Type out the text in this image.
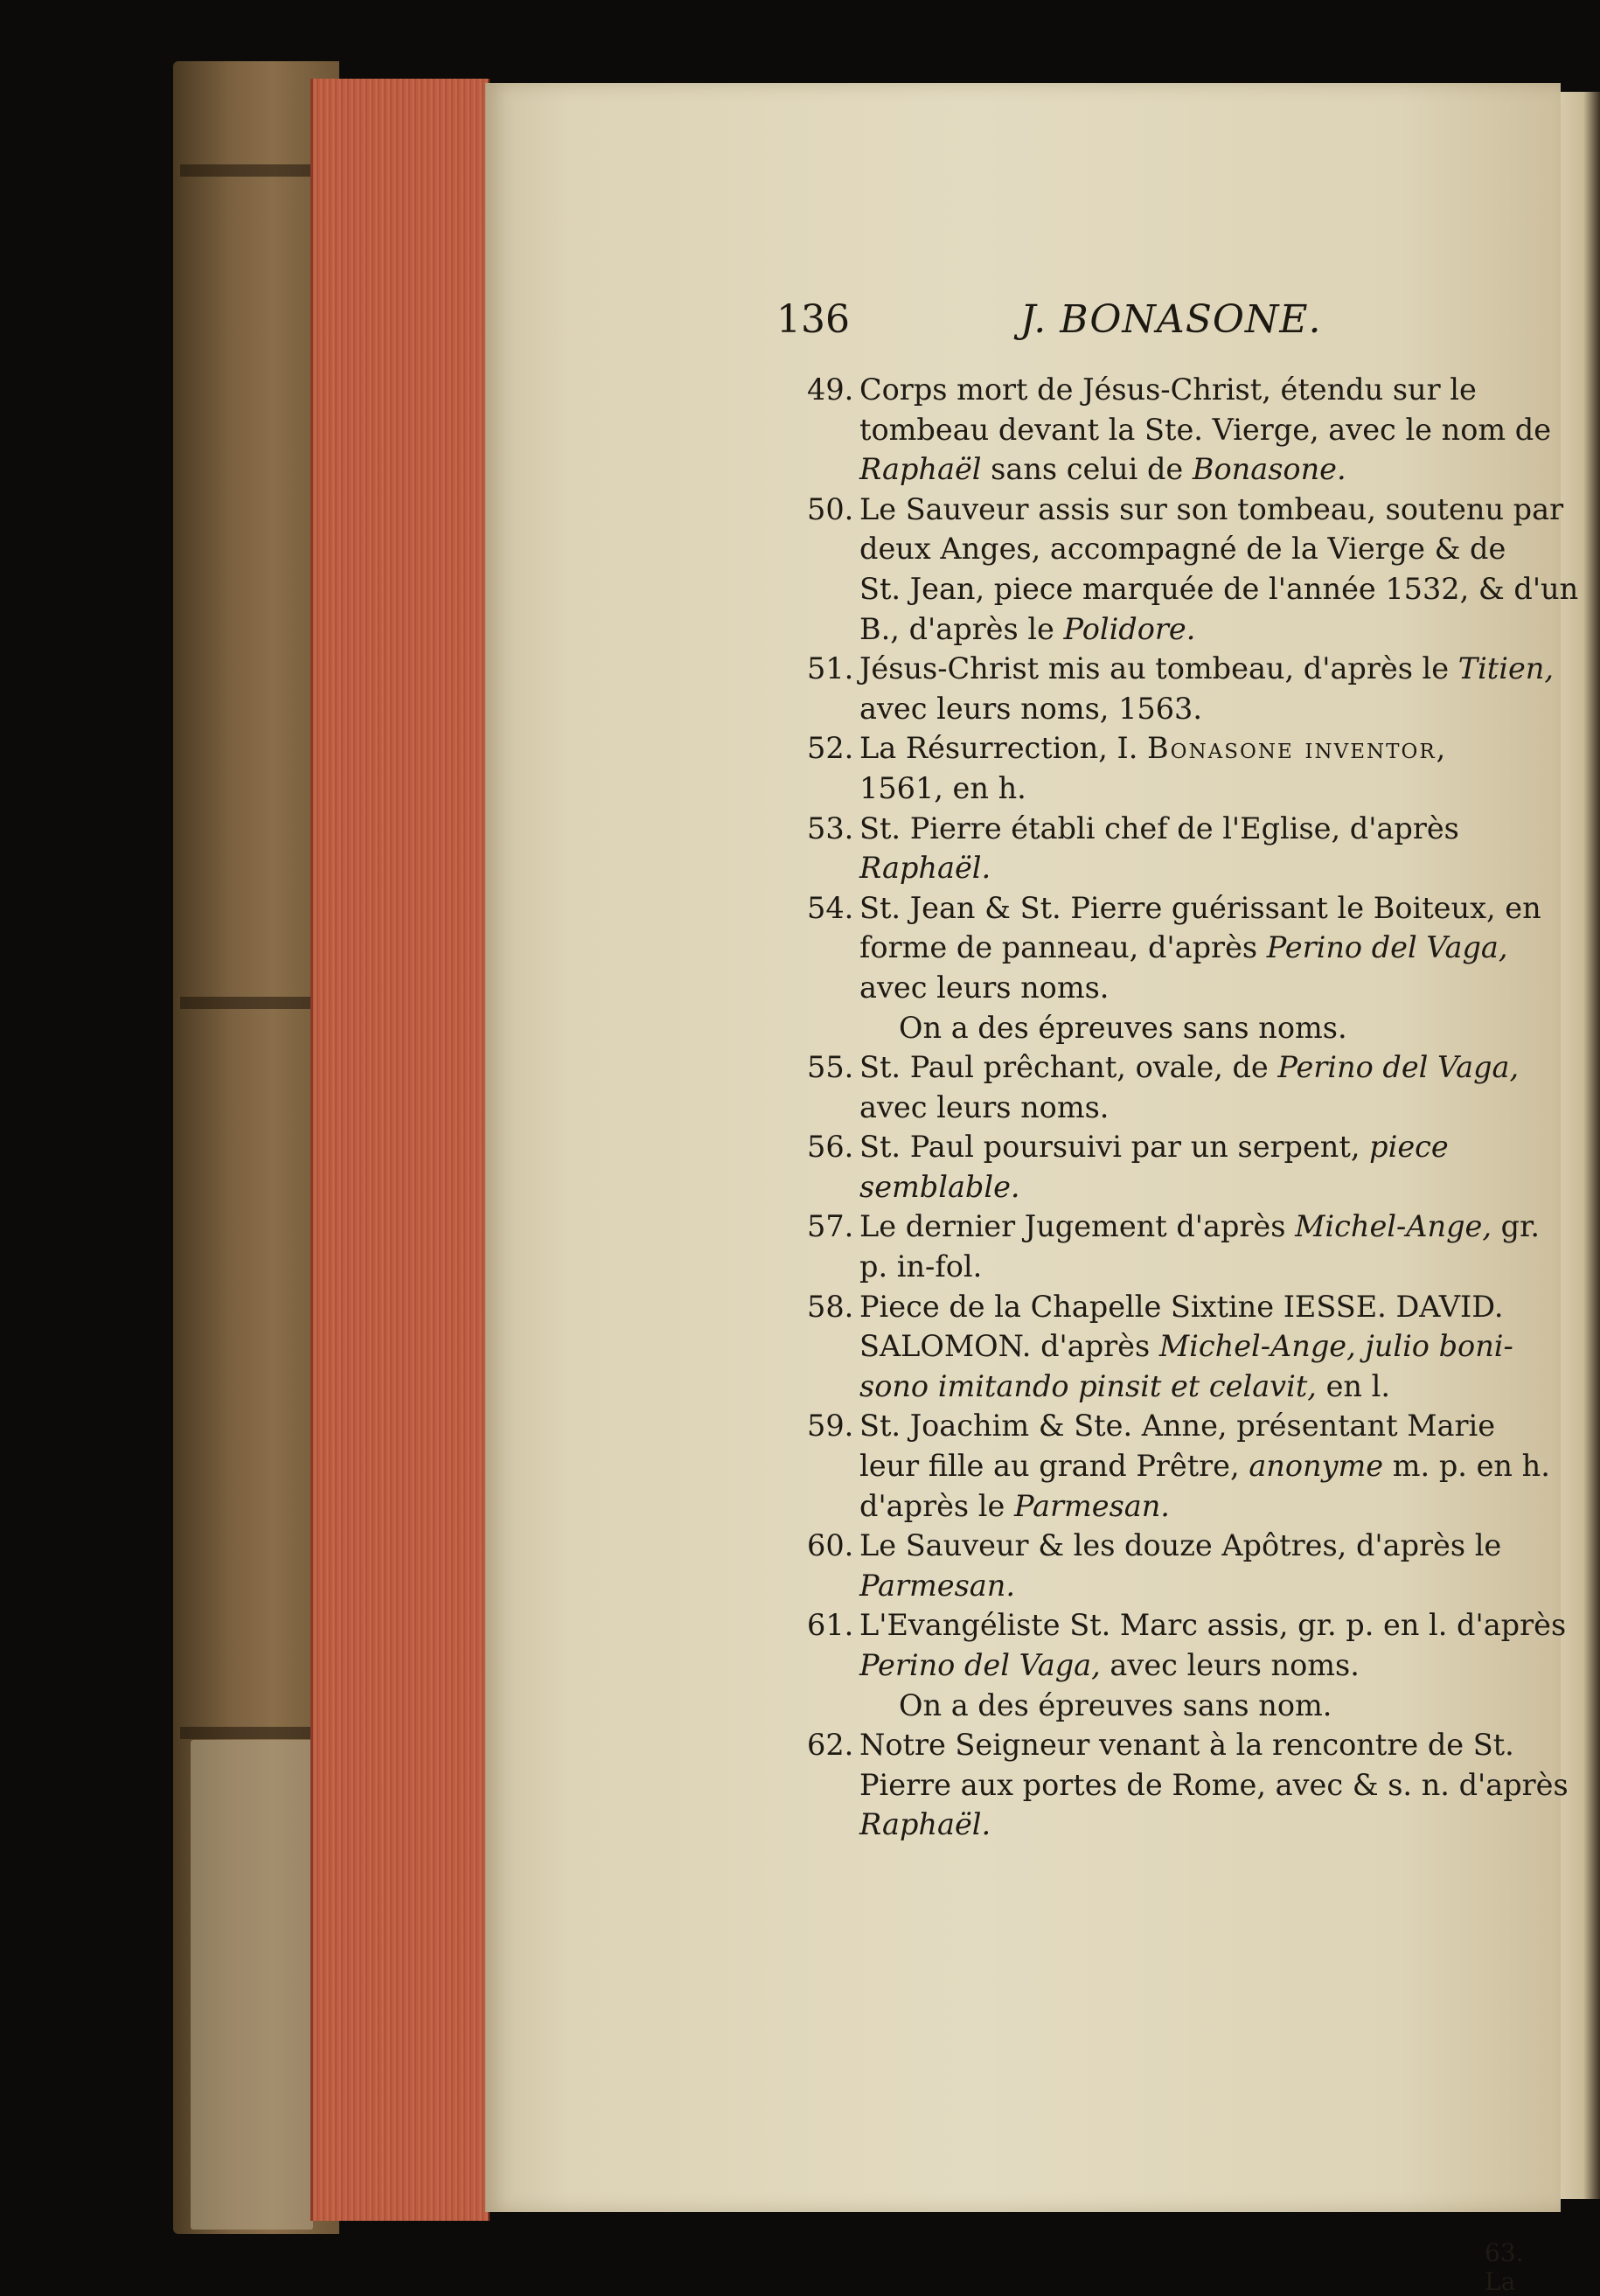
136	J. BONASONE.
49. Corps mort de Jésus-Christ, étendu sur le
tombeau devant la Ste. Vierge, avec le nom de
Raphaël sans celui de Bonasone.
50. Le Sauveur assis sur son tombeau, soutenu par
deux Anges, accompagné de la Vierge & de
St. Jean, piece marquée de l'année 1532, & d'un
B., d'après le Polidore.
51. Jésus-Christ mis au tombeau, d'après le Titien,
avec leurs noms, 1563.
52. La Résurrection, I. Bonasone inventor,
1561, en h.
53. St. Pierre établi chef de l'Eglise, d'après
Raphaël.
54. St. Jean & St. Pierre guérissant le Boiteux, en
forme de panneau, d'après Perino del Vaga,
avec leurs noms.
On a des épreuves sans noms.
55. St. Paul prêchant, ovale, de Perino del Vaga,
avec leurs noms.
56. St. Paul poursuivi par un serpent, piece
semblable.
57. Le dernier Jugement d'après Michel-Ange, gr.
p. in-fol.
58. Piece de la Chapelle Sixtine IESSE. DAVID.
SALOMON. d'après Michel-Ange, julio boni-
sono imitando pinsit et celavit, en l.
59. St. Joachim & Ste. Anne, présentant Marie
leur fille au grand Prêtre, anonyme m. p. en h.
d'après le Parmesan.
60. Le Sauveur & les douze Apôtres, d'après le
Parmesan.
61. L'Evangéliste St. Marc assis, gr. p. en l. d'après
Perino del Vaga, avec leurs noms.
On a des épreuves sans nom.
62. Notre Seigneur venant à la rencontre de St.
Pierre aux portes de Rome, avec & s. n. d'après
Raphaël.
63. La
